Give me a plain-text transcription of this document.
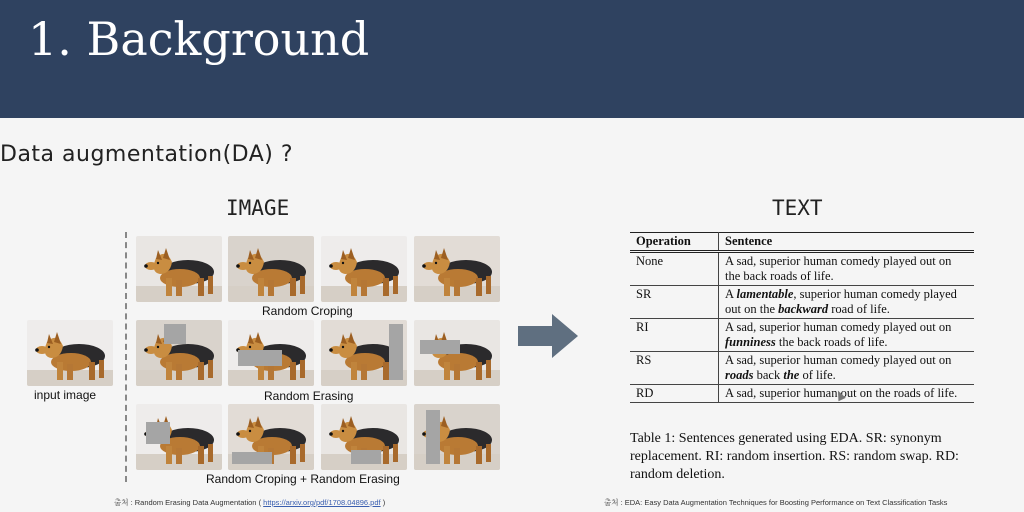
1. Background
Data augmentation(DA) ?
IMAGE	TEXT
input image
Random Croping
Random Erasing
Random Croping + Random Erasing
출처 : Random Erasing Data Augmentation ( https://arxiv.org/pdf/1708.04896.pdf )
Operation	Sentence
None	A sad, superior human comedy played out on the back roads of life.
SR	A lamentable, superior human comedy played out on the backward road of life.
RI	A sad, superior human comedy played out on funniness the back roads of life.
RS	A sad, superior human comedy played out on roads back the of life.
RD	A sad, superior human out on the roads of life.
Table 1: Sentences generated using EDA. SR: synonym replacement. RI: random insertion. RS: random swap. RD: random deletion.
출처 : EDA: Easy Data Augmentation Techniques for Boosting Performance on Text Classification Tasks
